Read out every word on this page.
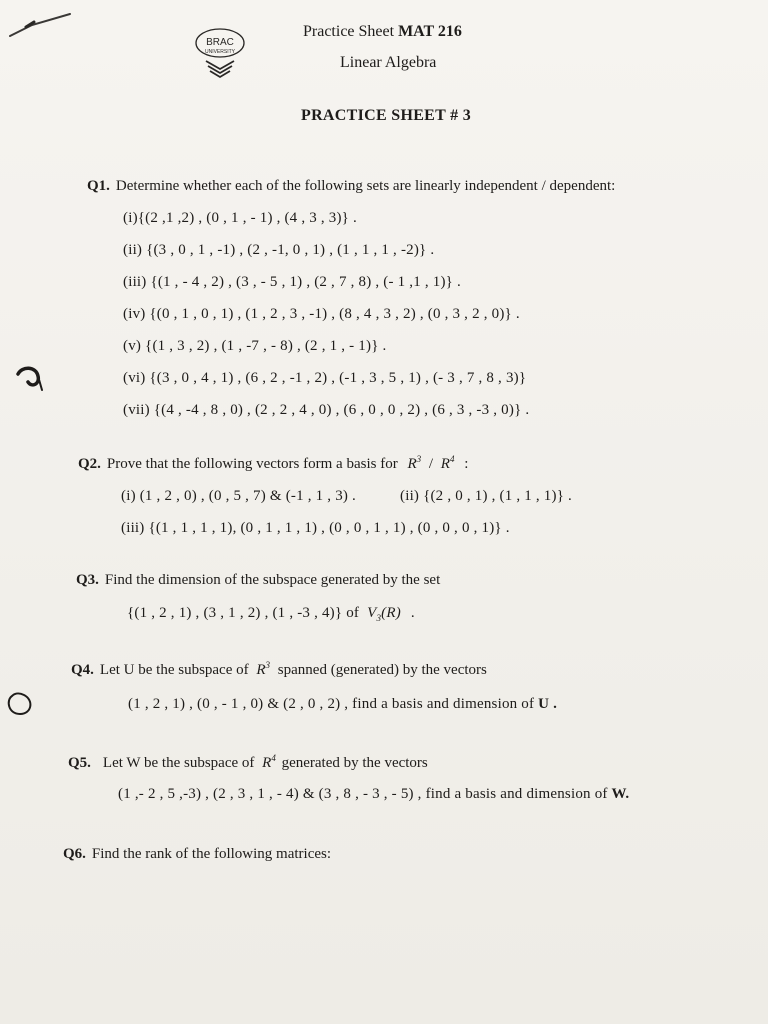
BRAC
UNIVERSITY
Practice Sheet MAT 216
Linear Algebra
PRACTICE SHEET # 3
Q1. Determine whether each of the following sets are linearly independent / dependent:
(i){(2 ,1 ,2) , (0 , 1 , - 1) , (4 , 3 , 3)} .
(ii) {(3 , 0 , 1 , -1) , (2 , -1, 0 , 1) , (1 , 1 , 1 , -2)} .
(iii) {(1 , - 4 , 2) , (3 , - 5 , 1) , (2 , 7 , 8) , (- 1 ,1 , 1)} .
(iv) {(0 , 1 , 0 , 1) , (1 , 2 , 3 , -1) , (8 , 4 , 3 , 2) , (0 , 3 , 2 , 0)} .
(v) {(1 , 3 , 2) , (1 , -7 , - 8) , (2 , 1 , - 1)} .
(vi) {(3 , 0 , 4 , 1) , (6 , 2 , -1 , 2) , (-1 , 3 , 5 , 1) , (- 3 , 7 , 8 , 3)}
(vii) {(4 , -4 , 8 , 0) , (2 , 2 , 4 , 0) , (6 , 0 , 0 , 2) , (6 , 3 , -3 , 0)} .
Q2. Prove that the following vectors form a basis for $R^3 / R^4$ :
(i) (1 , 2 , 0) , (0 , 5 , 7) & (-1 , 1 , 3) .	(ii) {(2 , 0 , 1) , (1 , 1 , 1)} .
(iii) {(1 , 1 , 1 , 1), (0 , 1 , 1 , 1) , (0 , 0 , 1 , 1) , (0 , 0 , 0 , 1)} .
Q3. Find the dimension of the subspace generated by the set
{(1 , 2 , 1) , (3 , 1 , 2) , (1 , -3 , 4)} of $V_3(R)$ .
Q4. Let U be the subspace of $R^3$ spanned (generated) by the vectors
(1 , 2 , 1) , (0 , - 1 , 0) & (2 , 0 , 2) , find a basis and dimension of U .
Q5. Let W be the subspace of $R^4$ generated by the vectors
(1 ,- 2 , 5 ,-3) , (2 , 3 , 1 , - 4) & (3 , 8 , - 3 , - 5) , find a basis and dimension of W.
Q6. Find the rank of the following matrices:
